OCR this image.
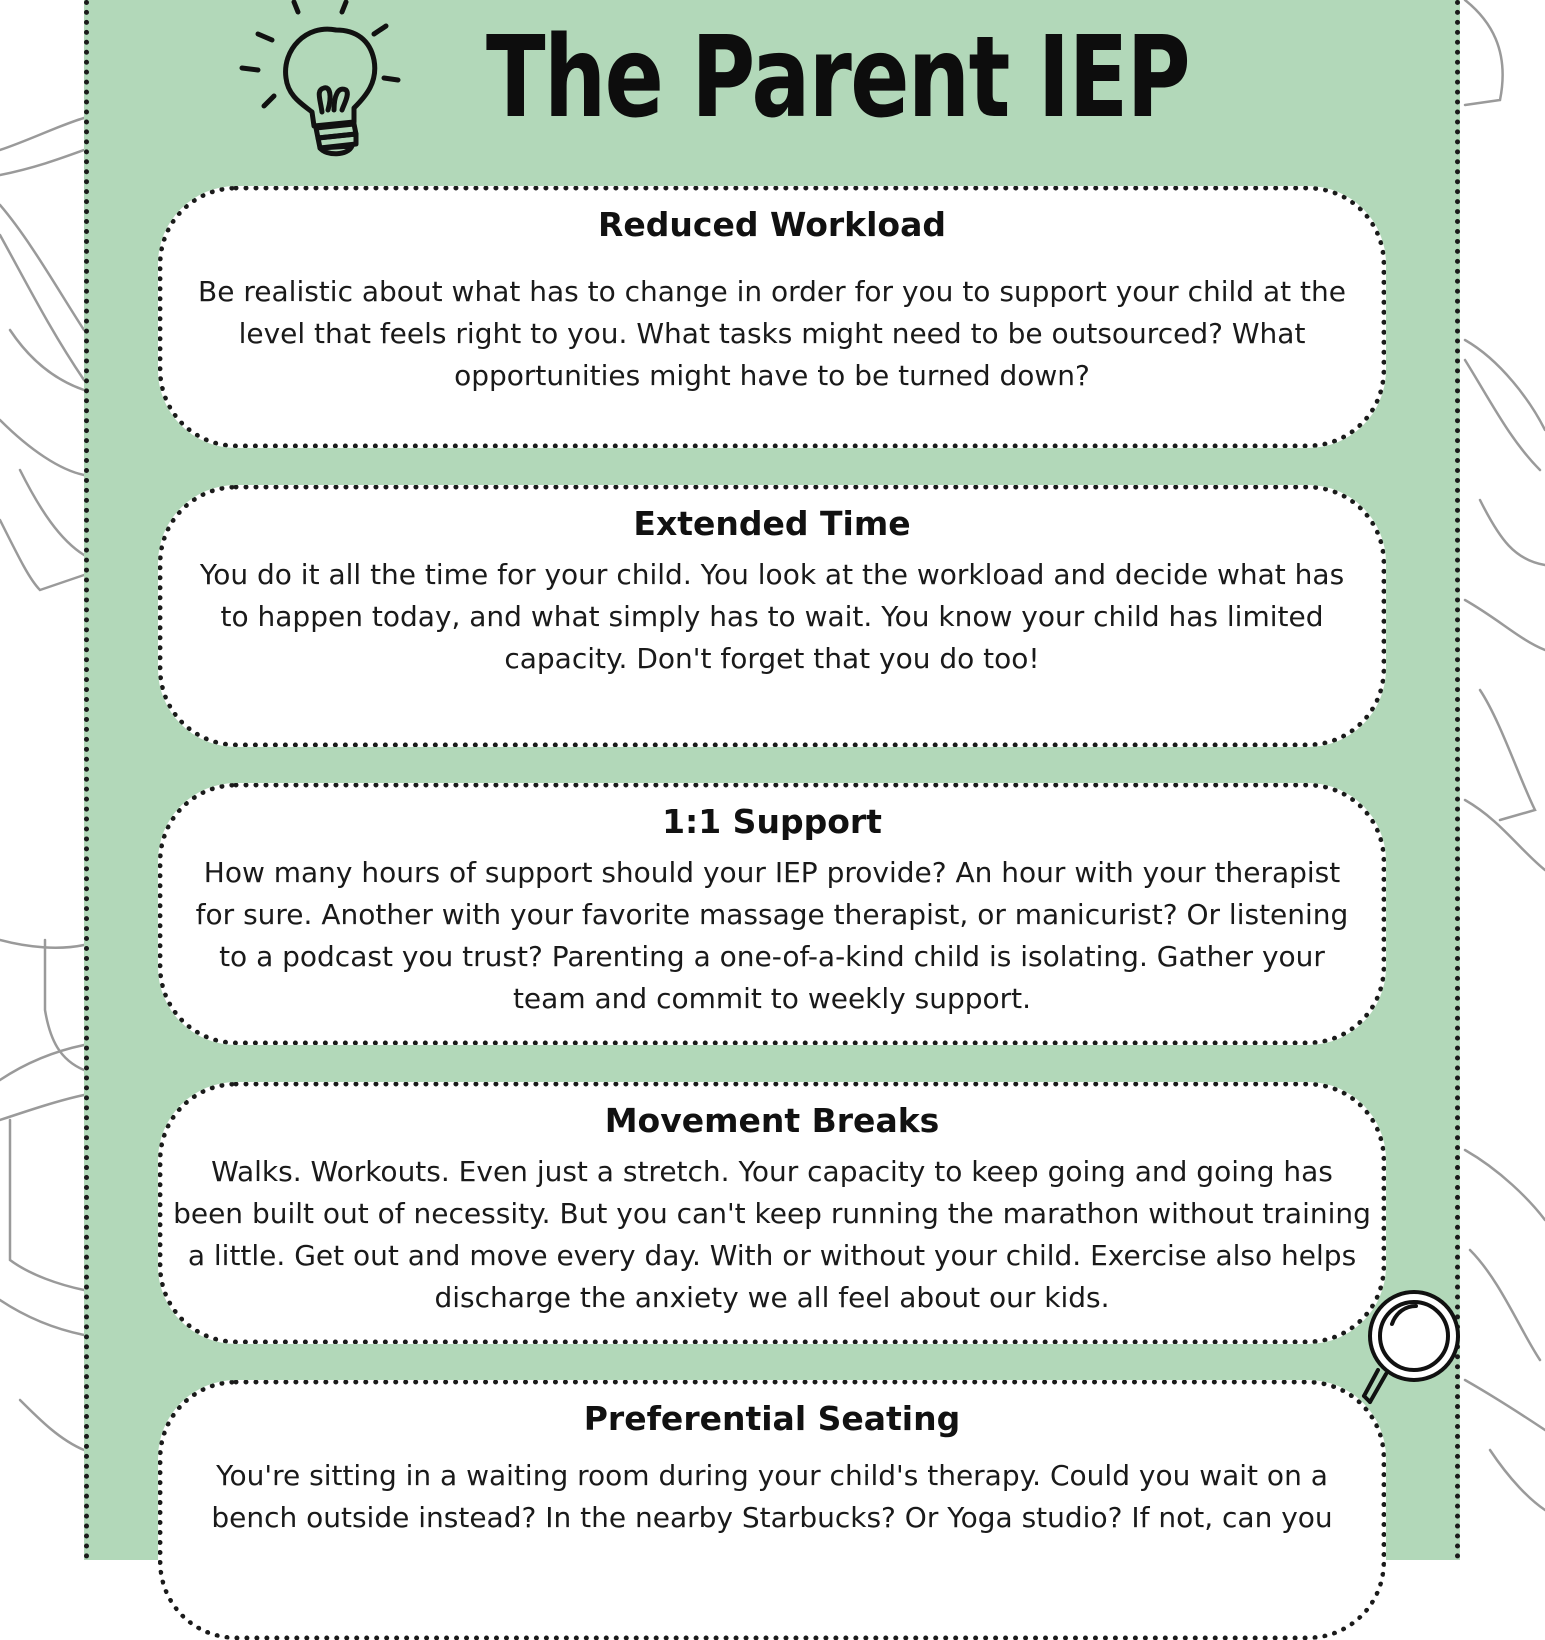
The Parent IEP
Reduced Workload

Be realistic about what has to change in order for you to support your child at the level that feels right to you. What tasks might need to be outsourced? What opportunities might have to be turned down?

Extended Time

You do it all the time for your child. You look at the workload and decide what has to happen today, and what simply has to wait. You know your child has limited capacity. Don't forget that you do too!

1:1 Support

How many hours of support should your IEP provide? An hour with your therapist for sure. Another with your favorite massage therapist, or manicurist? Or listening to a podcast you trust? Parenting a one-of-a-kind child is isolating. Gather your team and commit to weekly support.

Movement Breaks

Walks. Workouts. Even just a stretch. Your capacity to keep going and going has been built out of necessity. But you can't keep running the marathon without training a little. Get out and move every day. With or without your child. Exercise also helps discharge the anxiety we all feel about our kids.

Preferential Seating

You're sitting in a waiting room during your child's therapy. Could you wait on a bench outside instead? In the nearby Starbucks? Or Yoga studio? If not, can you
